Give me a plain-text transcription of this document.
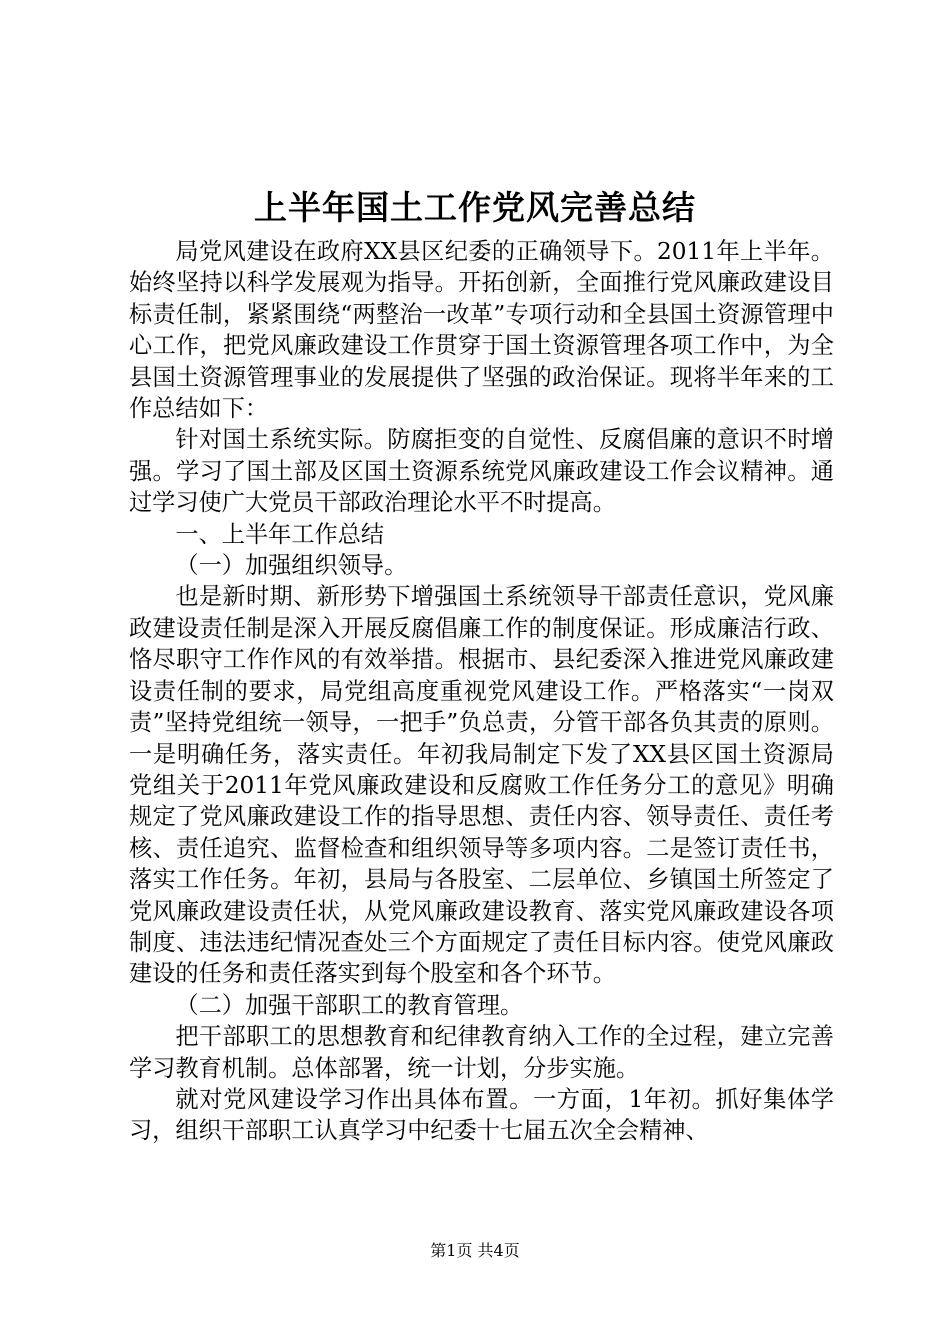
上半年国土工作党风完善总结

局党风建设在政府XX县区纪委的正确领导下。2011年上半年。始终坚持以科学发展观为指导。开拓创新，全面推行党风廉政建设目标责任制，紧紧围绕“两整治一改革”专项行动和全县国土资源管理中心工作，把党风廉政建设工作贯穿于国土资源管理各项工作中，为全县国土资源管理事业的发展提供了坚强的政治保证。现将半年来的工作总结如下：

针对国土系统实际。防腐拒变的自觉性、反腐倡廉的意识不时增强。学习了国土部及区国土资源系统党风廉政建设工作会议精神。通过学习使广大党员干部政治理论水平不时提高。

一、上半年工作总结

（一）加强组织领导。

也是新时期、新形势下增强国土系统领导干部责任意识，党风廉政建设责任制是深入开展反腐倡廉工作的制度保证。形成廉洁行政、恪尽职守工作作风的有效举措。根据市、县纪委深入推进党风廉政建设责任制的要求，局党组高度重视党风建设工作。严格落实“一岗双责”坚持党组统一领导，一把手”负总责，分管干部各负其责的原则。一是明确任务，落实责任。年初我局制定下发了XX县区国土资源局党组关于2011年党风廉政建设和反腐败工作任务分工的意见》明确规定了党风廉政建设工作的指导思想、责任内容、领导责任、责任考核、责任追究、监督检查和组织领导等多项内容。二是签订责任书，落实工作任务。年初，县局与各股室、二层单位、乡镇国土所签定了党风廉政建设责任状，从党风廉政建设教育、落实党风廉政建设各项制度、违法违纪情况查处三个方面规定了责任目标内容。使党风廉政建设的任务和责任落实到每个股室和各个环节。

（二）加强干部职工的教育管理。

把干部职工的思想教育和纪律教育纳入工作的全过程，建立完善学习教育机制。总体部署，统一计划，分步实施。

就对党风建设学习作出具体布置。一方面，1年初。抓好集体学习，组织干部职工认真学习中纪委十七届五次全会精神、

第1页 共4页
